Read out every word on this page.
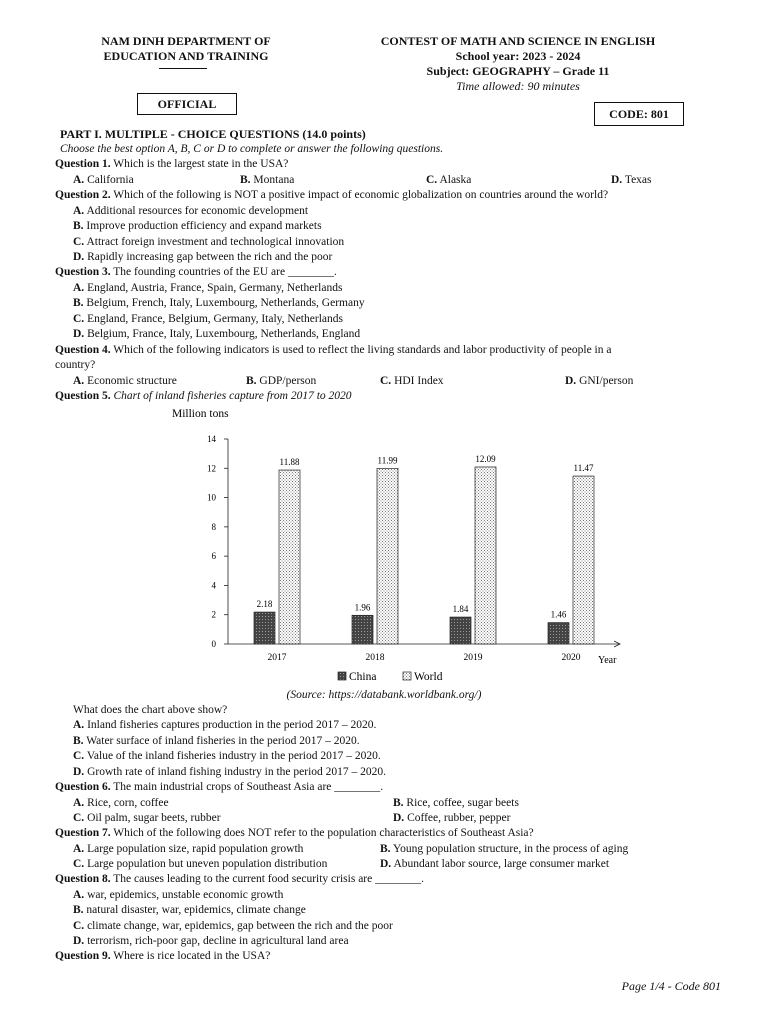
NAM DINH DEPARTMENT OF
EDUCATION AND TRAINING
CONTEST OF MATH AND SCIENCE IN ENGLISH
School year: 2023 - 2024
Subject: GEOGRAPHY – Grade 11
Time allowed: 90 minutes
OFFICIAL
CODE: 801
PART I. MULTIPLE - CHOICE QUESTIONS (14.0 points)
Choose the best option A, B, C or D to complete or answer the following questions.
Question 1. Which is the largest state in the USA?
A. California	B. Montana	C. Alaska	D. Texas
Question 2. Which of the following is NOT a positive impact of economic globalization on countries around the world?
A. Additional resources for economic development
B. Improve production efficiency and expand markets
C. Attract foreign investment and technological innovation
D. Rapidly increasing gap between the rich and the poor
Question 3. The founding countries of the EU are ________.
A. England, Austria, France, Spain, Germany, Netherlands
B. Belgium, French, Italy, Luxembourg, Netherlands, Germany
C. England, France, Belgium, Germany, Italy, Netherlands
D. Belgium, France, Italy, Luxembourg, Netherlands, England
Question 4. Which of the following indicators is used to reflect the living standards and labor productivity of people in a
country?
A. Economic structure	B. GDP/person	C. HDI Index	D. GNI/person
Question 5. Chart of inland fisheries capture from 2017 to 2020
Million tons
0
2
4
6
8
10
12
14
2017
2.18
11.88
2018
1.96
11.99
2019
1.84
12.09
2020
1.46
11.47
Year
China	World
(Source: https://databank.worldbank.org/)
What does the chart above show?
A. Inland fisheries captures production in the period 2017 – 2020.
B. Water surface of inland fisheries in the period 2017 – 2020.
C. Value of the inland fisheries industry in the period 2017 – 2020.
D. Growth rate of inland fishing industry in the period 2017 – 2020.
Question 6. The main industrial crops of Southeast Asia are ________.
A. Rice, corn, coffee	B. Rice, coffee, sugar beets
C. Oil palm, sugar beets, rubber	D. Coffee, rubber, pepper
Question 7. Which of the following does NOT refer to the population characteristics of Southeast Asia?
A. Large population size, rapid population growth	B. Young population structure, in the process of aging
C. Large population but uneven population distribution	D. Abundant labor source, large consumer market
Question 8. The causes leading to the current food security crisis are ________.
A. war, epidemics, unstable economic growth
B. natural disaster, war, epidemics, climate change
C. climate change, war, epidemics, gap between the rich and the poor
D. terrorism, rich-poor gap, decline in agricultural land area
Question 9. Where is rice located in the USA?
Page 1/4 - Code 801
